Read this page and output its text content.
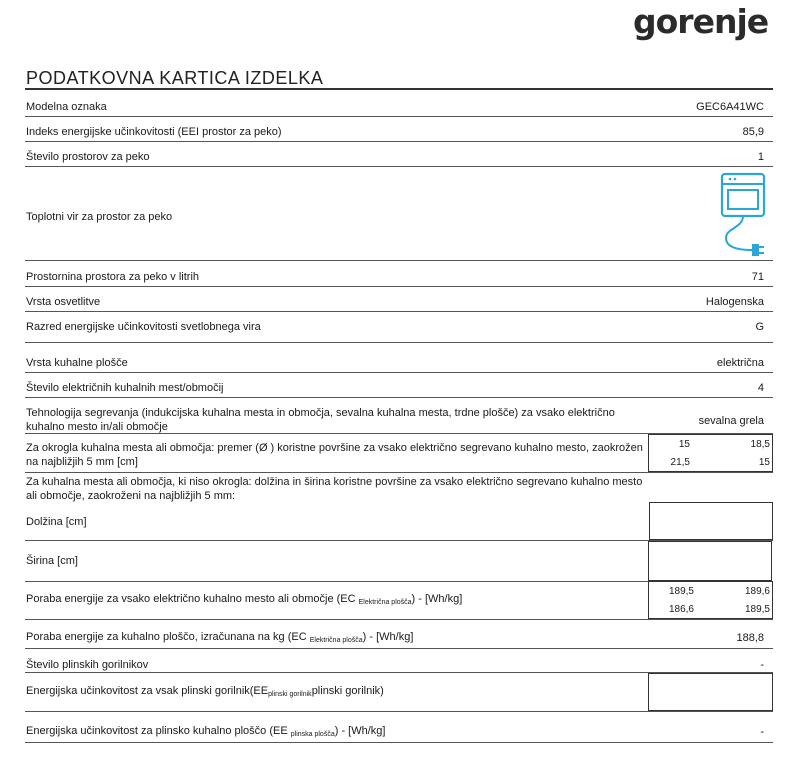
gorenje
PODATKOVNA KARTICA IZDELKA
Modelna oznaka	GEC6A41WC
Indeks energijske učinkovitosti (EEI prostor za peko)	85,9
Število prostorov za peko	1
Toplotni vir za prostor za peko
Prostornina prostora za peko v litrih	71
Vrsta osvetlitve	Halogenska
Razred energijske učinkovitosti svetlobnega vira	G
Vrsta kuhalne plošče	električna
Število električnih kuhalnih mest/območij	4
Tehnologija segrevanja (indukcijska kuhalna mesta in območja, sevalna kuhalna mesta, trdne plošče) za vsako električno
kuhalno mesto in/ali območje	sevalna grela
Za okrogla kuhalna mesta ali območja: premer (Ø ) koristne površine za vsako električno segrevano kuhalno mesto, zaokrožen
na najbližjih 5 mm [cm]
15	18,5
21,5	15
Za kuhalna mesta ali območja, ki niso okrogla: dolžina in širina koristne površine za vsako električno segrevano kuhalno mesto
ali območje, zaokroženi na najbližjih 5 mm:
Dolžina [cm]
Širina [cm]
Poraba energije za vsako električno kuhalno mesto ali območje (EC $_{Električna plošča}$) - [Wh/kg]
189,5	189,6
186,6	189,5
Poraba energije za kuhalno ploščo, izračunana na kg (EC $_{Električna plošča}$) - [Wh/kg]	188,8
Število plinskih gorilnikov	-
Energijska učinkovitost za vsak plinski $gorilnik(EE_{plinski gorilnik}plinski$ gorilnik)
Energijska učinkovitost za plinsko kuhalno ploščo (EE $_{plinska plošča}$) - [Wh/kg]	-
